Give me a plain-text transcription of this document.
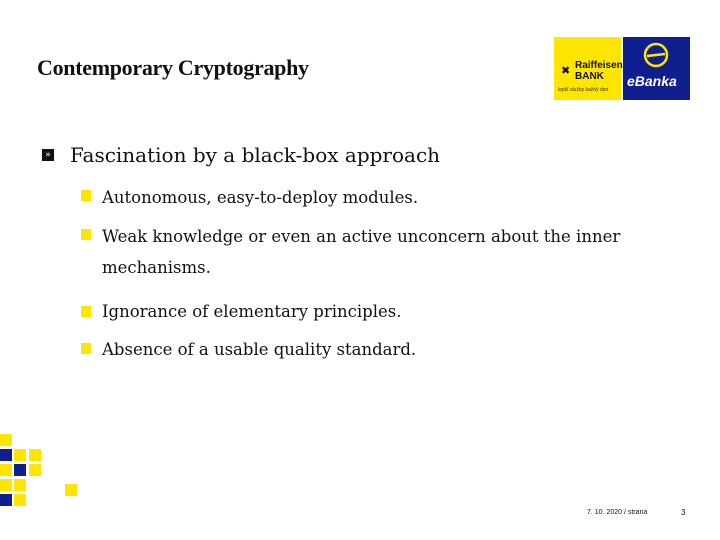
Contemporary Cryptography	✖ Raiffeisen
BANK
lepší služby každý den
eBanka
» Fascination by a black-box approach
Autonomous, easy-to-deploy modules.
Weak knowledge or even an active unconcern about the inner
mechanisms.
Ignorance of elementary principles.
Absence of a usable quality standard.
7. 10. 2020 / strana	3
